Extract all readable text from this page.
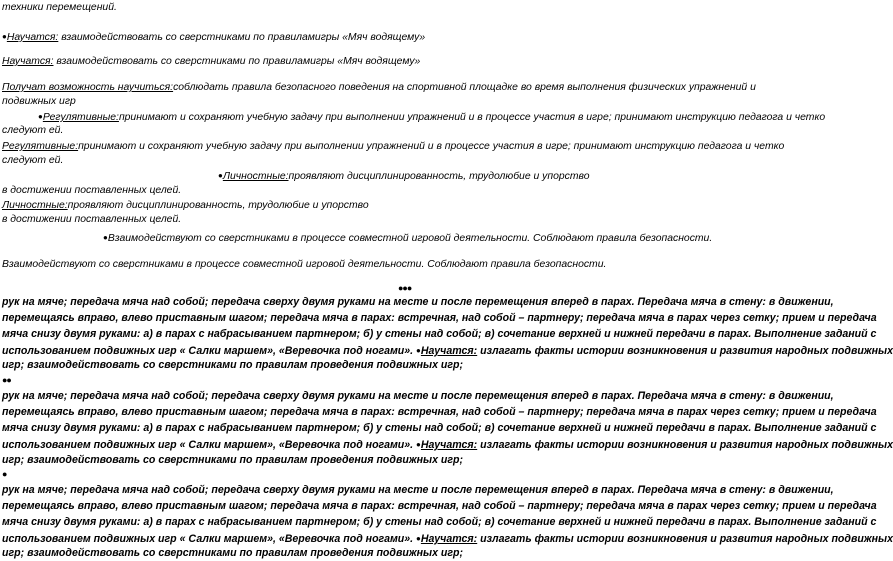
техники перемещений.
●Научатся: взаимодействовать со сверстниками по правиламигры «Мяч водящему»
Научатся: взаимодействовать со сверстниками по правиламигры «Мяч водящему»
Получат возможность научиться:соблюдать правила безопасного поведения на спортивной площадке во время выполнения физических упражнений и
подвижных игр
●Регулятивные:принимают и сохраняют учебную задачу при выполнении упражнений и в процессе участия в игре; принимают инструкцию педагога и четко
следуют ей.
Регулятивные:принимают и сохраняют учебную задачу при выполнении упражнений и в процессе участия в игре; принимают инструкцию педагога и четко
следуют ей.
●Личностные:проявляют дисциплинированность, трудолюбие и упорство
в достижении поставленных целей.
Личностные:проявляют дисциплинированность, трудолюбие и упорство
в достижении поставленных целей.
●Взаимодействуют со сверстниками в процессе совместной игровой деятельности. Соблюдают правила безопасности.
Взаимодействуют со сверстниками в процессе совместной игровой деятельности. Соблюдают правила безопасности.
●●●
рук на мяче; передача мяча над собой; передача сверху двумя руками на месте и после перемещения вперед в парах. Передача мяча в стену: в движении,
перемещаясь вправо, влево приставным шагом; передача мяча в парах: встречная, над собой – партнеру; передача мяча в парах через сетку; прием и передача
мяча снизу двумя руками: а) в парах с набрасыванием партнером; б) у стены над собой; в) сочетание верхней и нижней передачи в парах. Выполнение заданий с
использованием подвижных игр « Салки маршем», «Веревочка под ногами». ●Научатся: излагать факты истории возникновения и развития народных подвижных
игр; взаимодействовать со сверстниками по правилам проведения подвижных игр;
●●
рук на мяче; передача мяча над собой; передача сверху двумя руками на месте и после перемещения вперед в парах. Передача мяча в стену: в движении,
перемещаясь вправо, влево приставным шагом; передача мяча в парах: встречная, над собой – партнеру; передача мяча в парах через сетку; прием и передача
мяча снизу двумя руками: а) в парах с набрасыванием партнером; б) у стены над собой; в) сочетание верхней и нижней передачи в парах. Выполнение заданий с
использованием подвижных игр « Салки маршем», «Веревочка под ногами». ●Научатся: излагать факты истории возникновения и развития народных подвижных
игр; взаимодействовать со сверстниками по правилам проведения подвижных игр;
●
рук на мяче; передача мяча над собой; передача сверху двумя руками на месте и после перемещения вперед в парах. Передача мяча в стену: в движении,
перемещаясь вправо, влево приставным шагом; передача мяча в парах: встречная, над собой – партнеру; передача мяча в парах через сетку; прием и передача
мяча снизу двумя руками: а) в парах с набрасыванием партнером; б) у стены над собой; в) сочетание верхней и нижней передачи в парах. Выполнение заданий с
использованием подвижных игр « Салки маршем», «Веревочка под ногами». ●Научатся: излагать факты истории возникновения и развития народных подвижных
игр; взаимодействовать со сверстниками по правилам проведения подвижных игр;
